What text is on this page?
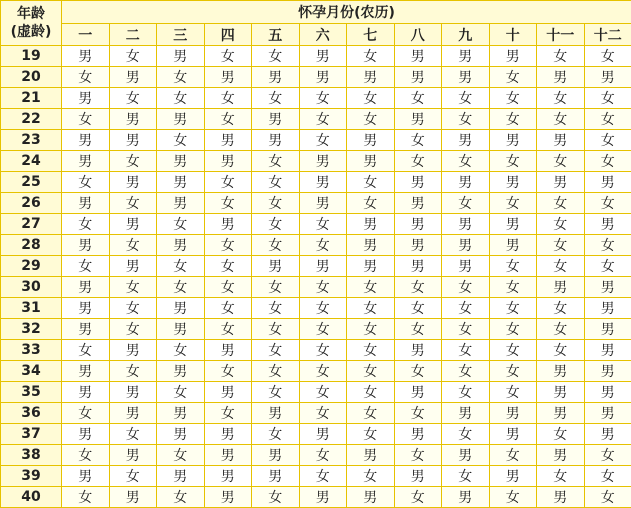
年龄
(虚龄)	怀孕月份(农历)											
	一	二	三	四	五	六	七	八	九	十	十一	十二
19	男	女	男	女	女	男	女	男	男	男	女	女
20	女	男	女	男	男	男	男	男	男	女	男	男
21	男	女	女	女	女	女	女	女	女	女	女	女
22	女	男	男	女	男	女	女	男	女	女	女	女
23	男	男	女	男	男	女	男	女	男	男	男	女
24	男	女	男	男	女	男	男	女	女	女	女	女
25	女	男	男	女	女	男	女	男	男	男	男	男
26	男	女	男	女	女	男	女	男	女	女	女	女
27	女	男	女	男	女	女	男	男	男	男	女	男
28	男	女	男	女	女	女	男	男	男	男	女	女
29	女	男	女	女	男	男	男	男	男	女	女	女
30	男	女	女	女	女	女	女	女	女	女	男	男
31	男	女	男	女	女	女	女	女	女	女	女	男
32	男	女	男	女	女	女	女	女	女	女	女	男
33	女	男	女	男	女	女	女	男	女	女	女	男
34	男	女	男	女	女	女	女	女	女	女	男	男
35	男	男	女	男	女	女	女	男	女	女	男	男
36	女	男	男	女	男	女	女	女	男	男	男	男
37	男	女	男	男	女	男	女	男	女	男	女	男
38	女	男	女	男	男	女	男	女	男	女	男	女
39	男	女	男	男	男	女	女	男	女	男	女	女
40	女	男	女	男	女	男	男	女	男	女	男	女
